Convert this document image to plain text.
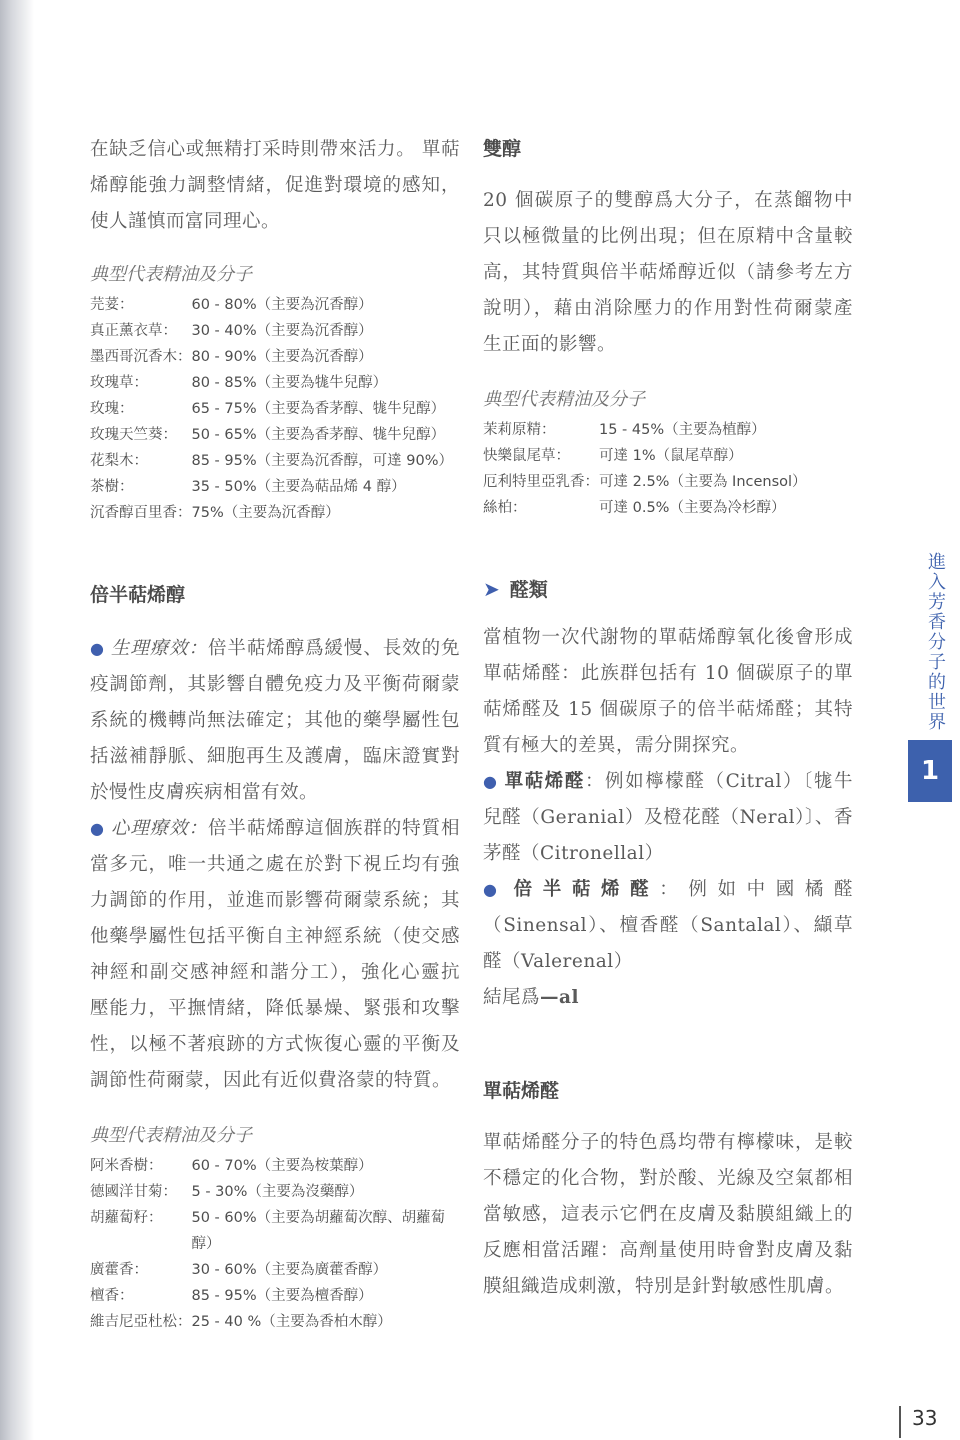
在缺乏信心或無精打采時則帶來活力。 單萜烯醇能強力調整情緒，促進對環境的感知，使人謹慎而富同理心。

典型代表精油及分子

芫荽：	60 - 80%（主要為沉香醇）
真正薰衣草：	30 - 40%（主要為沉香醇）
墨西哥沉香木：	80 - 90%（主要為沉香醇）
玫瑰草：	80 - 85%（主要為牻牛兒醇）
玫瑰：	65 - 75%（主要為香茅醇、牻牛兒醇）
玫瑰天竺葵：	50 - 65%（主要為香茅醇、牻牛兒醇）
花梨木：	85 - 95%（主要為沉香醇，可達 90%）
茶樹：	35 - 50%（主要為萜品烯 4 醇）
沉香醇百里香：	75%（主要為沉香醇）

倍半萜烯醇

● 生理療效：倍半萜烯醇爲緩慢、長效的免疫調節劑，其影響自體免疫力及平衡荷爾蒙系統的機轉尚無法確定；其他的藥學屬性包括滋補靜脈、細胞再生及護膚，臨床證實對於慢性皮膚疾病相當有效。

● 心理療效：倍半萜烯醇這個族群的特質相當多元，唯一共通之處在於對下視丘均有強力調節的作用，並進而影響荷爾蒙系統；其他藥學屬性包括平衡自主神經系統（使交感神經和副交感神經和諧分工），強化心靈抗壓能力，平撫情緒，降低暴燥、緊張和攻擊性，以極不著痕跡的方式恢復心靈的平衡及調節性荷爾蒙，因此有近似費洛蒙的特質。

典型代表精油及分子

阿米香樹：	60 - 70%（主要為桉葉醇）
德國洋甘菊：	5 - 30%（主要為沒藥醇）
胡蘿蔔籽：	50 - 60%（主要為胡蘿蔔次醇、胡蘿蔔醇）
廣藿香：	30 - 60%（主要為廣藿香醇）
檀香：	85 - 95%（主要為檀香醇）
維吉尼亞杜松：	25 - 40 %（主要為香柏木醇）

雙醇

20 個碳原子的雙醇爲大分子，在蒸餾物中只以極微量的比例出現；但在原精中含量較高，其特質與倍半萜烯醇近似（請參考左方說明），藉由消除壓力的作用對性荷爾蒙產生正面的影響。

典型代表精油及分子

茉莉原精：	15 - 45%（主要為植醇）
快樂鼠尾草：	可達 1%（鼠尾草醇）
厄利特里亞乳香：	可達 2.5%（主要為 Incensol）
絲柏：	可達 0.5%（主要為冷杉醇）

➤ 醛類

當植物一次代謝物的單萜烯醇氧化後會形成單萜烯醛：此族群包括有 10 個碳原子的單萜烯醛及 15 個碳原子的倍半萜烯醛；其特質有極大的差異，需分開探究。

● 單萜烯醛：例如檸檬醛（Citral）〔牻牛兒醛（Geranial）及橙花醛（Neral）〕、香茅醛（Citronellal）

● 倍半萜烯醛：例如中國橘醛（Sinensal）、檀香醛（Santalal）、纈草醛（Valerenal）

結尾爲—al

單萜烯醛

單萜烯醛分子的特色爲均帶有檸檬味，是較不穩定的化合物，對於酸、光線及空氣都相當敏感，這表示它們在皮膚及黏膜組織上的反應相當活躍：高劑量使用時會對皮膚及黏膜組織造成刺激，特別是針對敏感性肌膚。

進入芳香分子的世界
1
33
